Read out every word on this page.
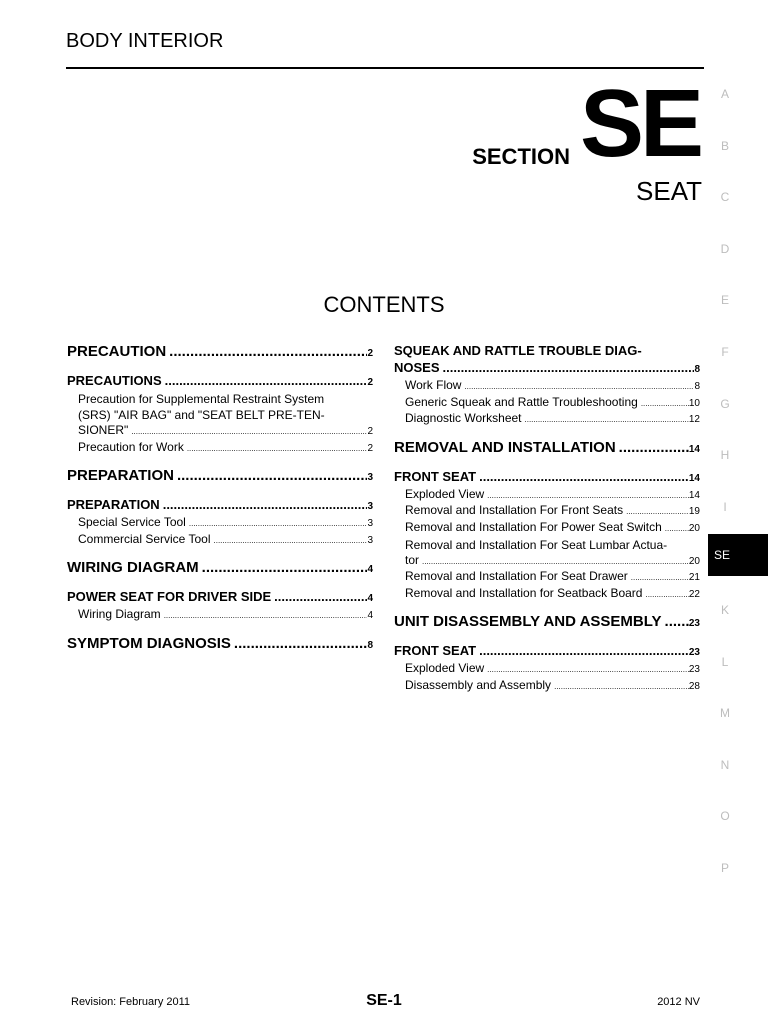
BODY INTERIOR
SECTION SE
SEAT
CONTENTS
PRECAUTION .....	2
PRECAUTIONS .....	2
Precaution for Supplemental Restraint System
(SRS) "AIR BAG" and "SEAT BELT PRE-TEN-
SIONER" .....	2
Precaution for Work .....	2
PREPARATION .....	3
PREPARATION .....	3
Special Service Tool .....	3
Commercial Service Tool .....	3
WIRING DIAGRAM .....	4
POWER SEAT FOR DRIVER SIDE .....	4
Wiring Diagram .....	4
SYMPTOM DIAGNOSIS .....	8
SQUEAK AND RATTLE TROUBLE DIAG-
NOSES .....	8
Work Flow .....	8
Generic Squeak and Rattle Troubleshooting .....	10
Diagnostic Worksheet .....	12
REMOVAL AND INSTALLATION .....	14
FRONT SEAT .....	14
Exploded View .....	14
Removal and Installation For Front Seats .....	19
Removal and Installation For Power Seat Switch .....	20
Removal and Installation For Seat Lumbar Actua-
tor .....	20
Removal and Installation For Seat Drawer .....	21
Removal and Installation for Seatback Board .....	22
UNIT DISASSEMBLY AND ASSEMBLY .....	23
FRONT SEAT .....	23
Exploded View .....	23
Disassembly and Assembly .....	28
A
B
C
D
E
F
G
H
I
SE
K
L
M
N
O
P
Revision: February 2011	SE-1	2012 NV
